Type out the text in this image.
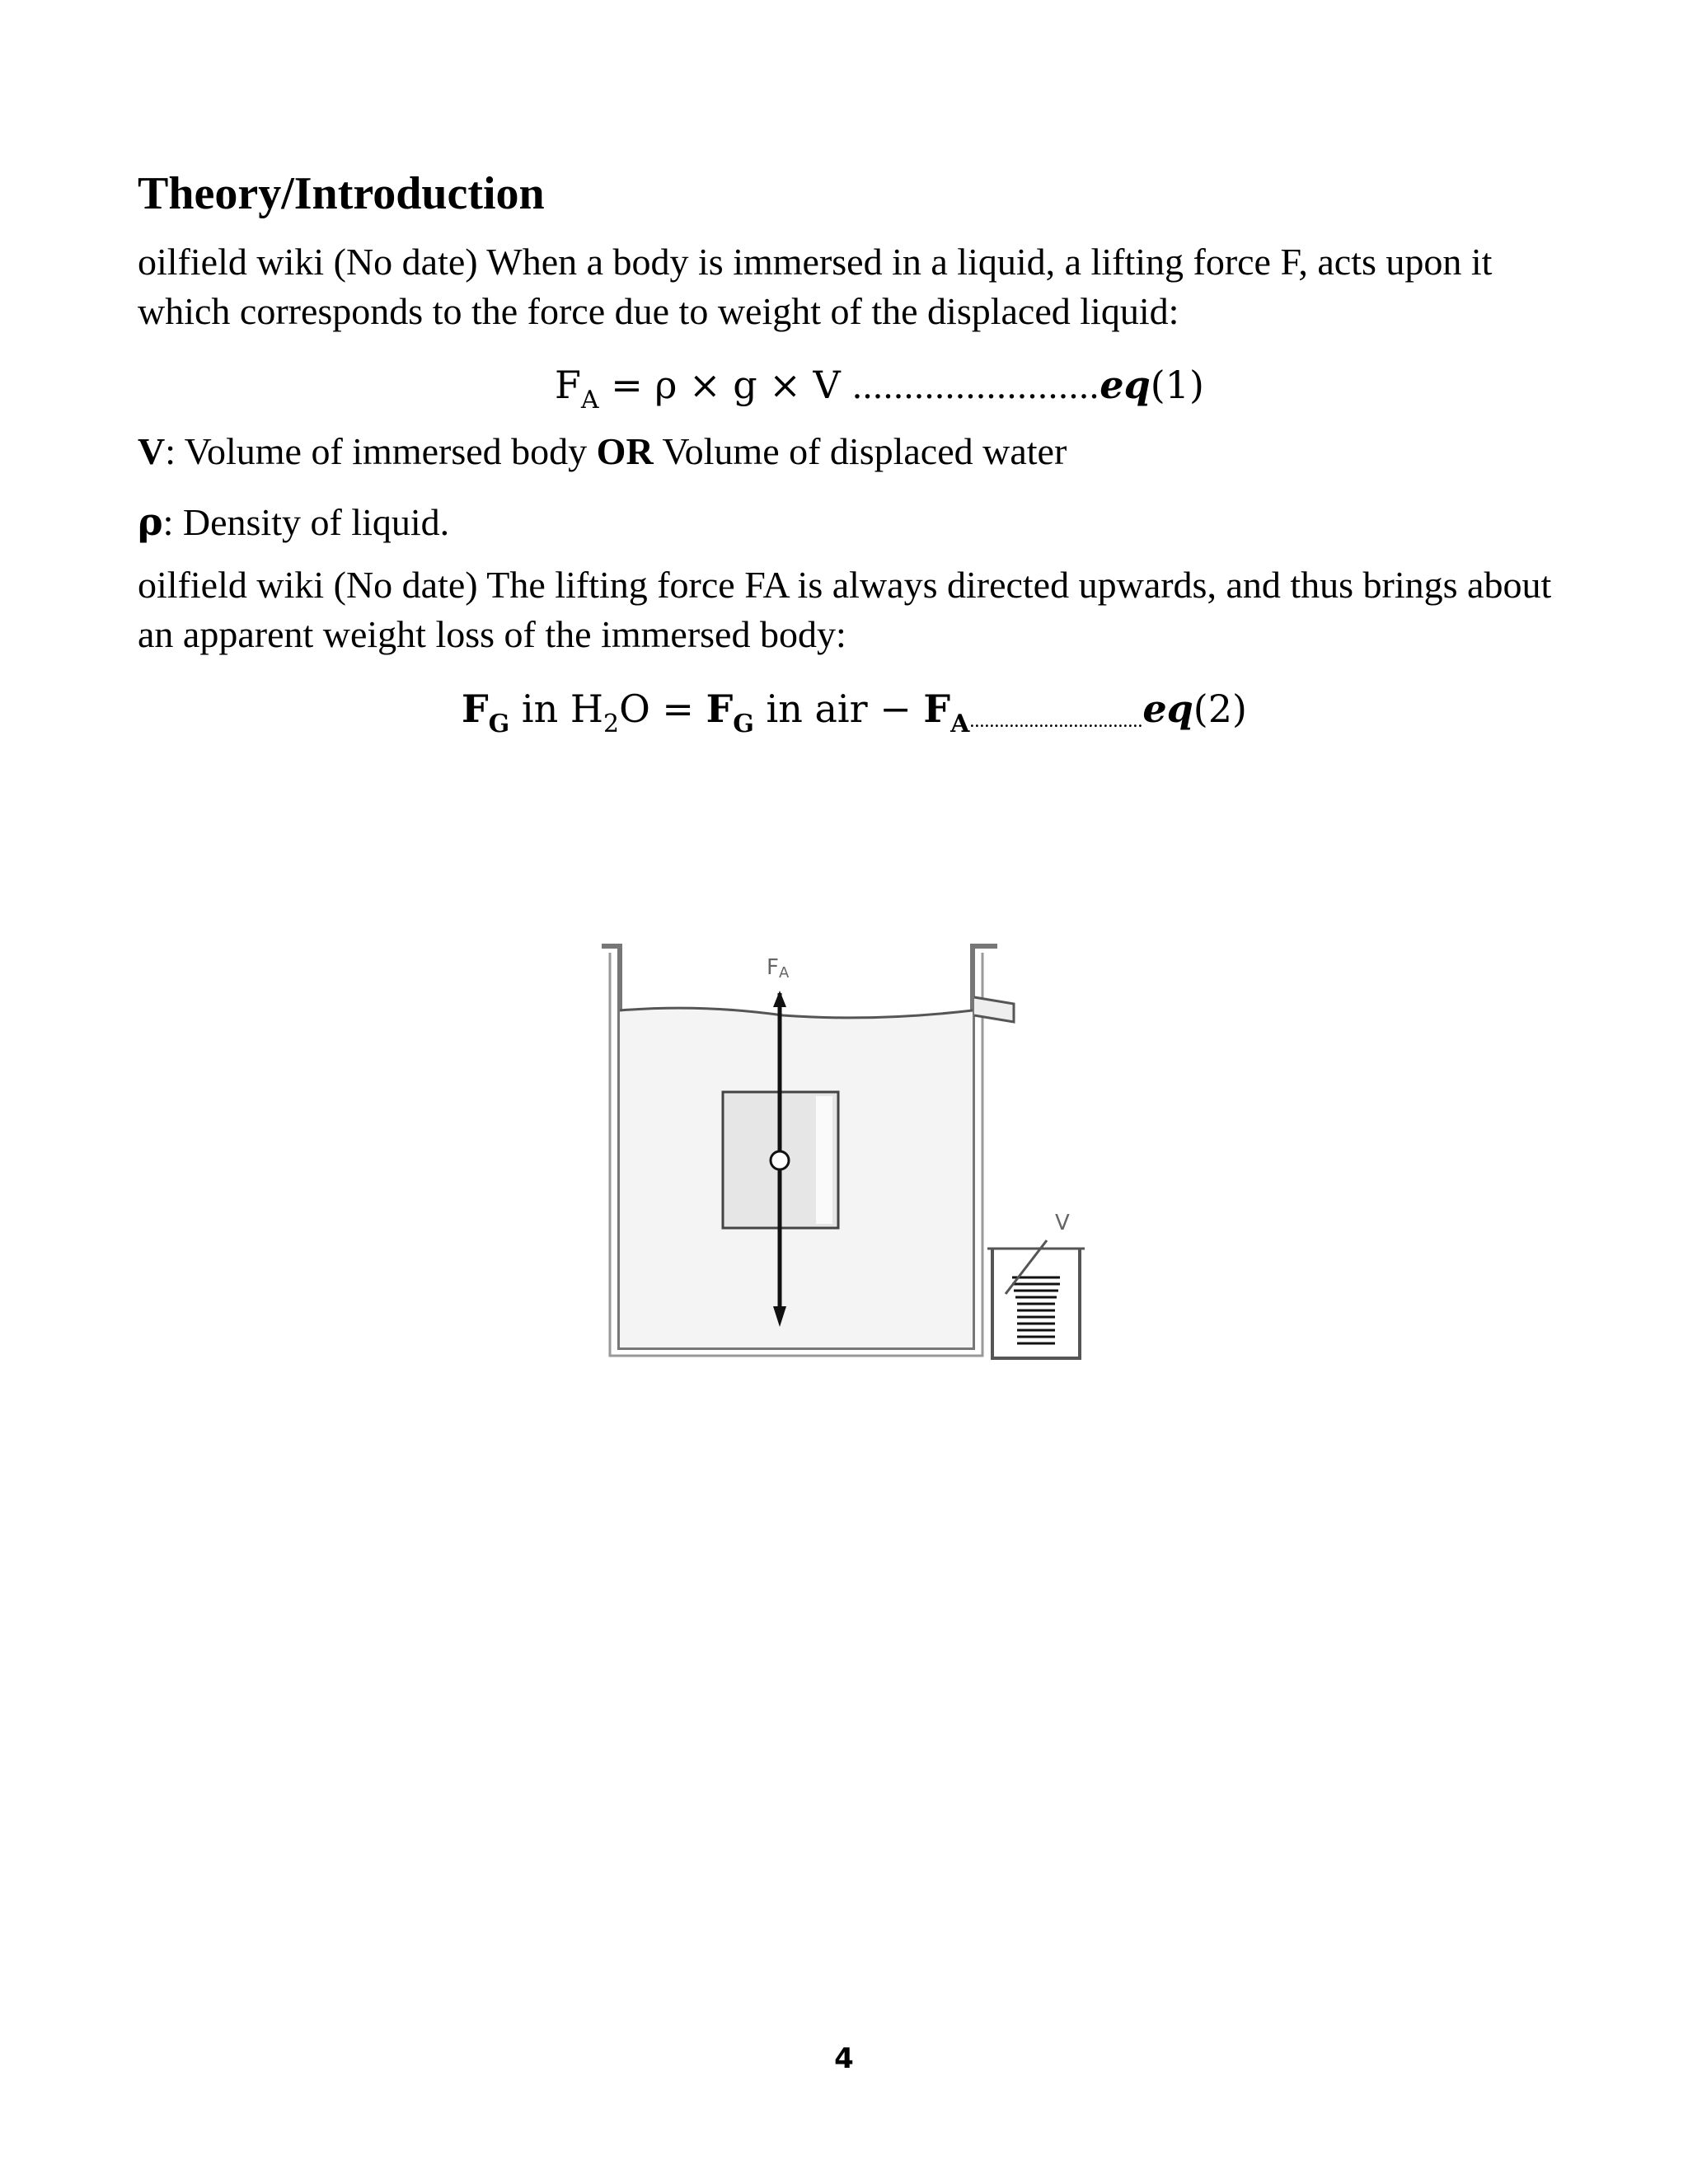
Theory/Introduction
oilfield wiki (No date) When a body is immersed in a liquid, a lifting force F, acts upon it
which corresponds to the force due to weight of the displaced liquid:
$F_A = \rho \times g \times V$ ........................eq(1)
V: Volume of immersed body OR Volume of displaced water
ρ: Density of liquid.
oilfield wiki (No date) The lifting force FA is always directed upwards, and thus brings about
an apparent weight loss of the immersed body:
$F_G$ in $H_2O = F_G$ in air − $F_A...................................eq(2)$
FA
V
4
